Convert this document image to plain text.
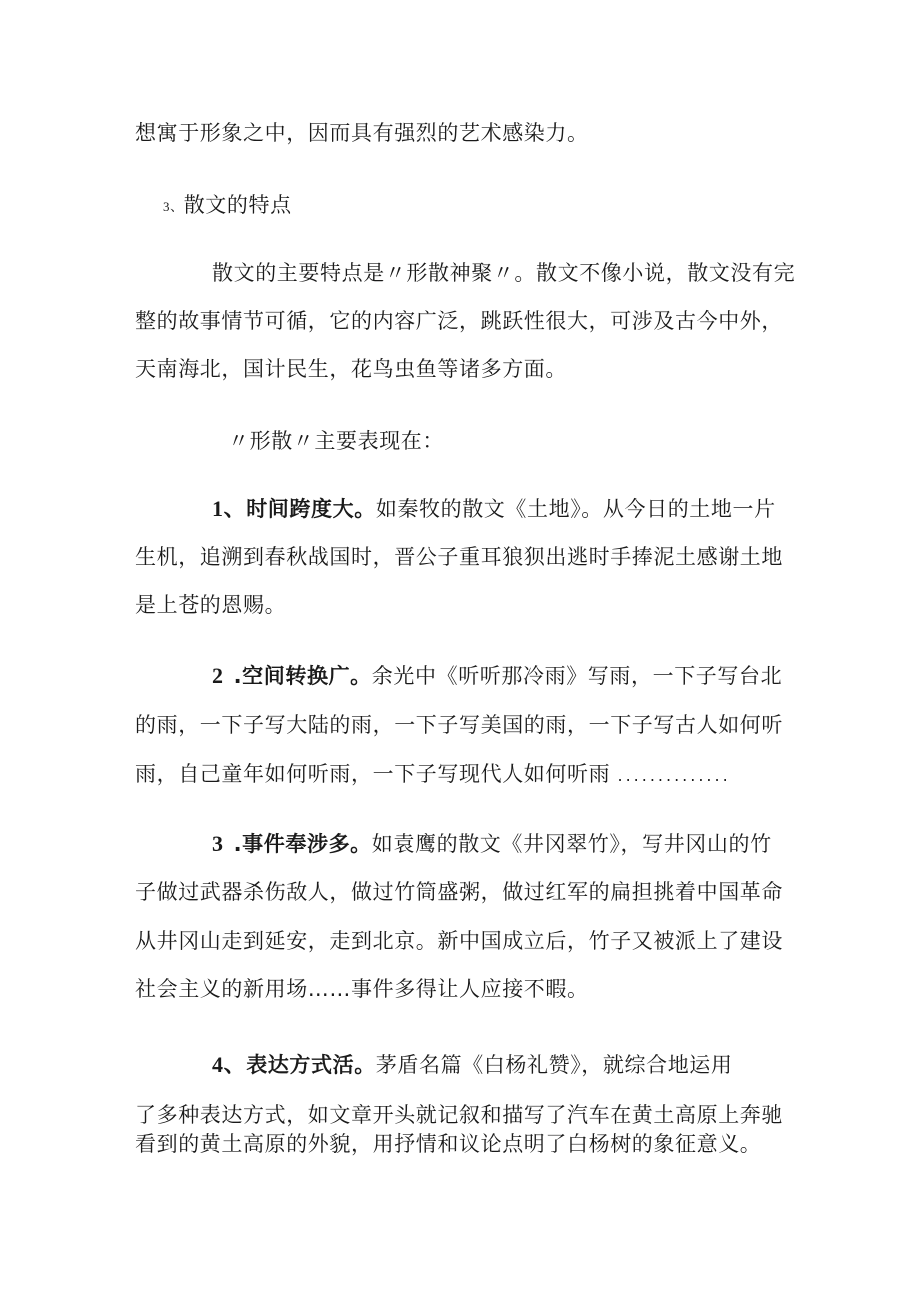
想寓于形象之中，因而具有强烈的艺术感染力。
3、散文的特点
散文的主要特点是〃形散神聚〃。散文不像小说，散文没有完
整的故事情节可循，它的内容广泛，跳跃性很大，可涉及古今中外，
天南海北，国计民生，花鸟虫鱼等诸多方面。
〃形散〃主要表现在：
1、时间跨度大。如秦牧的散文《土地》。从今日的土地一片
生机，追溯到春秋战国时，晋公子重耳狼狈出逃时手捧泥土感谢土地
是上苍的恩赐。
2 .空间转换广。余光中《听听那冷雨》写雨，一下子写台北
的雨，一下子写大陆的雨，一下子写美国的雨，一下子写古人如何听
雨，自己童年如何听雨，一下子写现代人如何听雨 ..............
3 .事件奉涉多。如袁鹰的散文《井冈翠竹》，写井冈山的竹
子做过武器杀伤敌人，做过竹筒盛粥，做过红军的扁担挑着中国革命
从井冈山走到延安，走到北京。新中国成立后，竹子又被派上了建设
社会主义的新用场……事件多得让人应接不暇。
4、表达方式活。茅盾名篇《白杨礼赞》，就综合地运用
了多种表达方式，如文章开头就记叙和描写了汽车在黄土高原上奔驰
看到的黄土高原的外貌，用抒情和议论点明了白杨树的象征意义。
